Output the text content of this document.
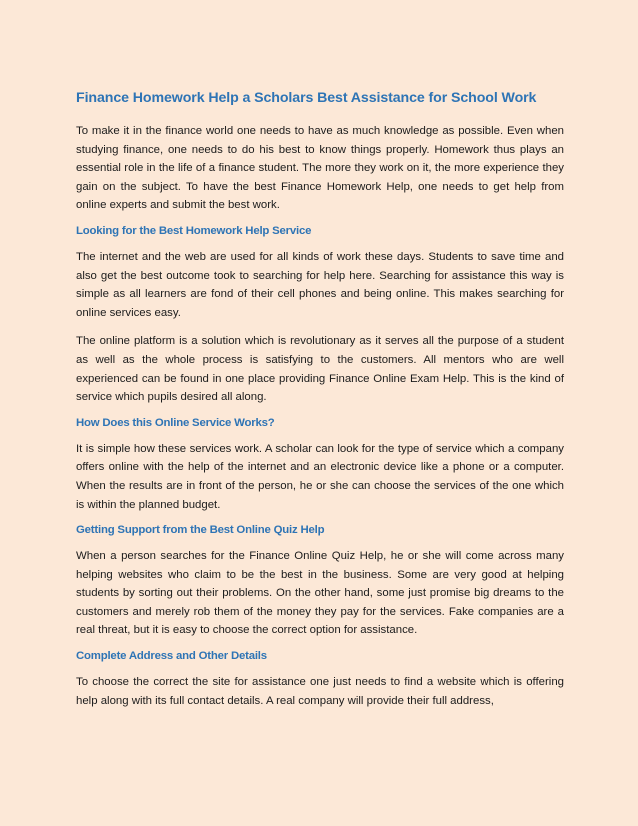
Finance Homework Help a Scholars Best Assistance for School Work

To make it in the finance world one needs to have as much knowledge as possible. Even when studying finance, one needs to do his best to know things properly. Homework thus plays an essential role in the life of a finance student. The more they work on it, the more experience they gain on the subject. To have the best Finance Homework Help, one needs to get help from online experts and submit the best work.

Looking for the Best Homework Help Service

The internet and the web are used for all kinds of work these days. Students to save time and also get the best outcome took to searching for help here. Searching for assistance this way is simple as all learners are fond of their cell phones and being online. This makes searching for online services easy.

The online platform is a solution which is revolutionary as it serves all the purpose of a student as well as the whole process is satisfying to the customers. All mentors who are well experienced can be found in one place providing Finance Online Exam Help. This is the kind of service which pupils desired all along.

How Does this Online Service Works?

It is simple how these services work. A scholar can look for the type of service which a company offers online with the help of the internet and an electronic device like a phone or a computer. When the results are in front of the person, he or she can choose the services of the one which is within the planned budget.

Getting Support from the Best Online Quiz Help

When a person searches for the Finance Online Quiz Help, he or she will come across many helping websites who claim to be the best in the business. Some are very good at helping students by sorting out their problems. On the other hand, some just promise big dreams to the customers and merely rob them of the money they pay for the services. Fake companies are a real threat, but it is easy to choose the correct option for assistance.

Complete Address and Other Details

To choose the correct the site for assistance one just needs to find a website which is offering help along with its full contact details. A real company will provide their full address,
